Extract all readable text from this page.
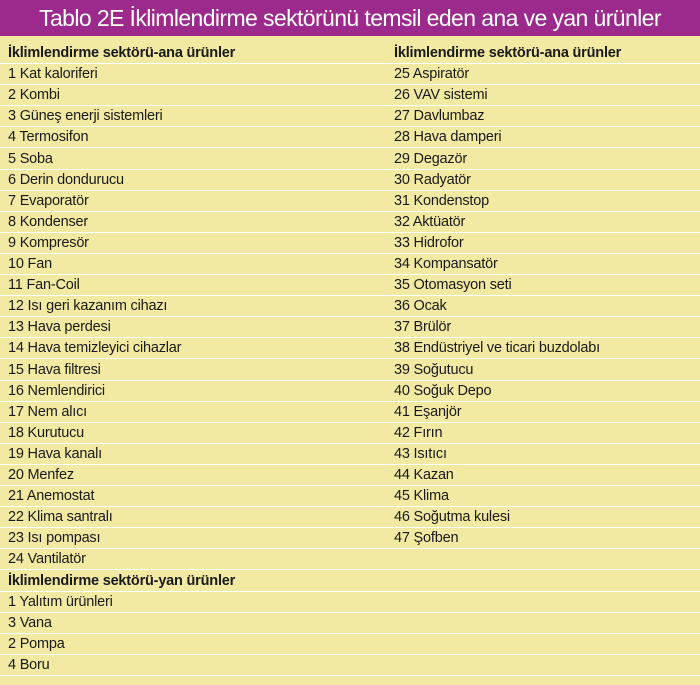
Tablo 2E İklimlendirme sektörünü temsil eden ana ve yan ürünler
İklimlendirme sektörü-ana ürünler	İklimlendirme sektörü-ana ürünler
1 Kat kaloriferi	25 Aspiratör
2 Kombi	26 VAV sistemi
3 Güneş enerji sistemleri	27 Davlumbaz
4 Termosifon	28 Hava damperi
5 Soba	29 Degazör
6 Derin dondurucu	30 Radyatör
7 Evaporatör	31 Kondenstop
8 Kondenser	32 Aktüatör
9 Kompresör	33 Hidrofor
10 Fan	34 Kompansatör
11 Fan-Coil	35 Otomasyon seti
12 Isı geri kazanım cihazı	36 Ocak
13 Hava perdesi	37 Brülör
14 Hava temizleyici cihazlar	38 Endüstriyel ve ticari buzdolabı
15 Hava filtresi	39 Soğutucu
16 Nemlendirici	40 Soğuk Depo
17 Nem alıcı	41 Eşanjör
18 Kurutucu	42 Fırın
19 Hava kanalı	43 Isıtıcı
20 Menfez	44 Kazan
21 Anemostat	45 Klima
22 Klima santralı	46 Soğutma kulesi
23 Isı pompası	47 Şofben
24 Vantilatör
İklimlendirme sektörü-yan ürünler
1 Yalıtım ürünleri
3 Vana
2 Pompa
4 Boru
